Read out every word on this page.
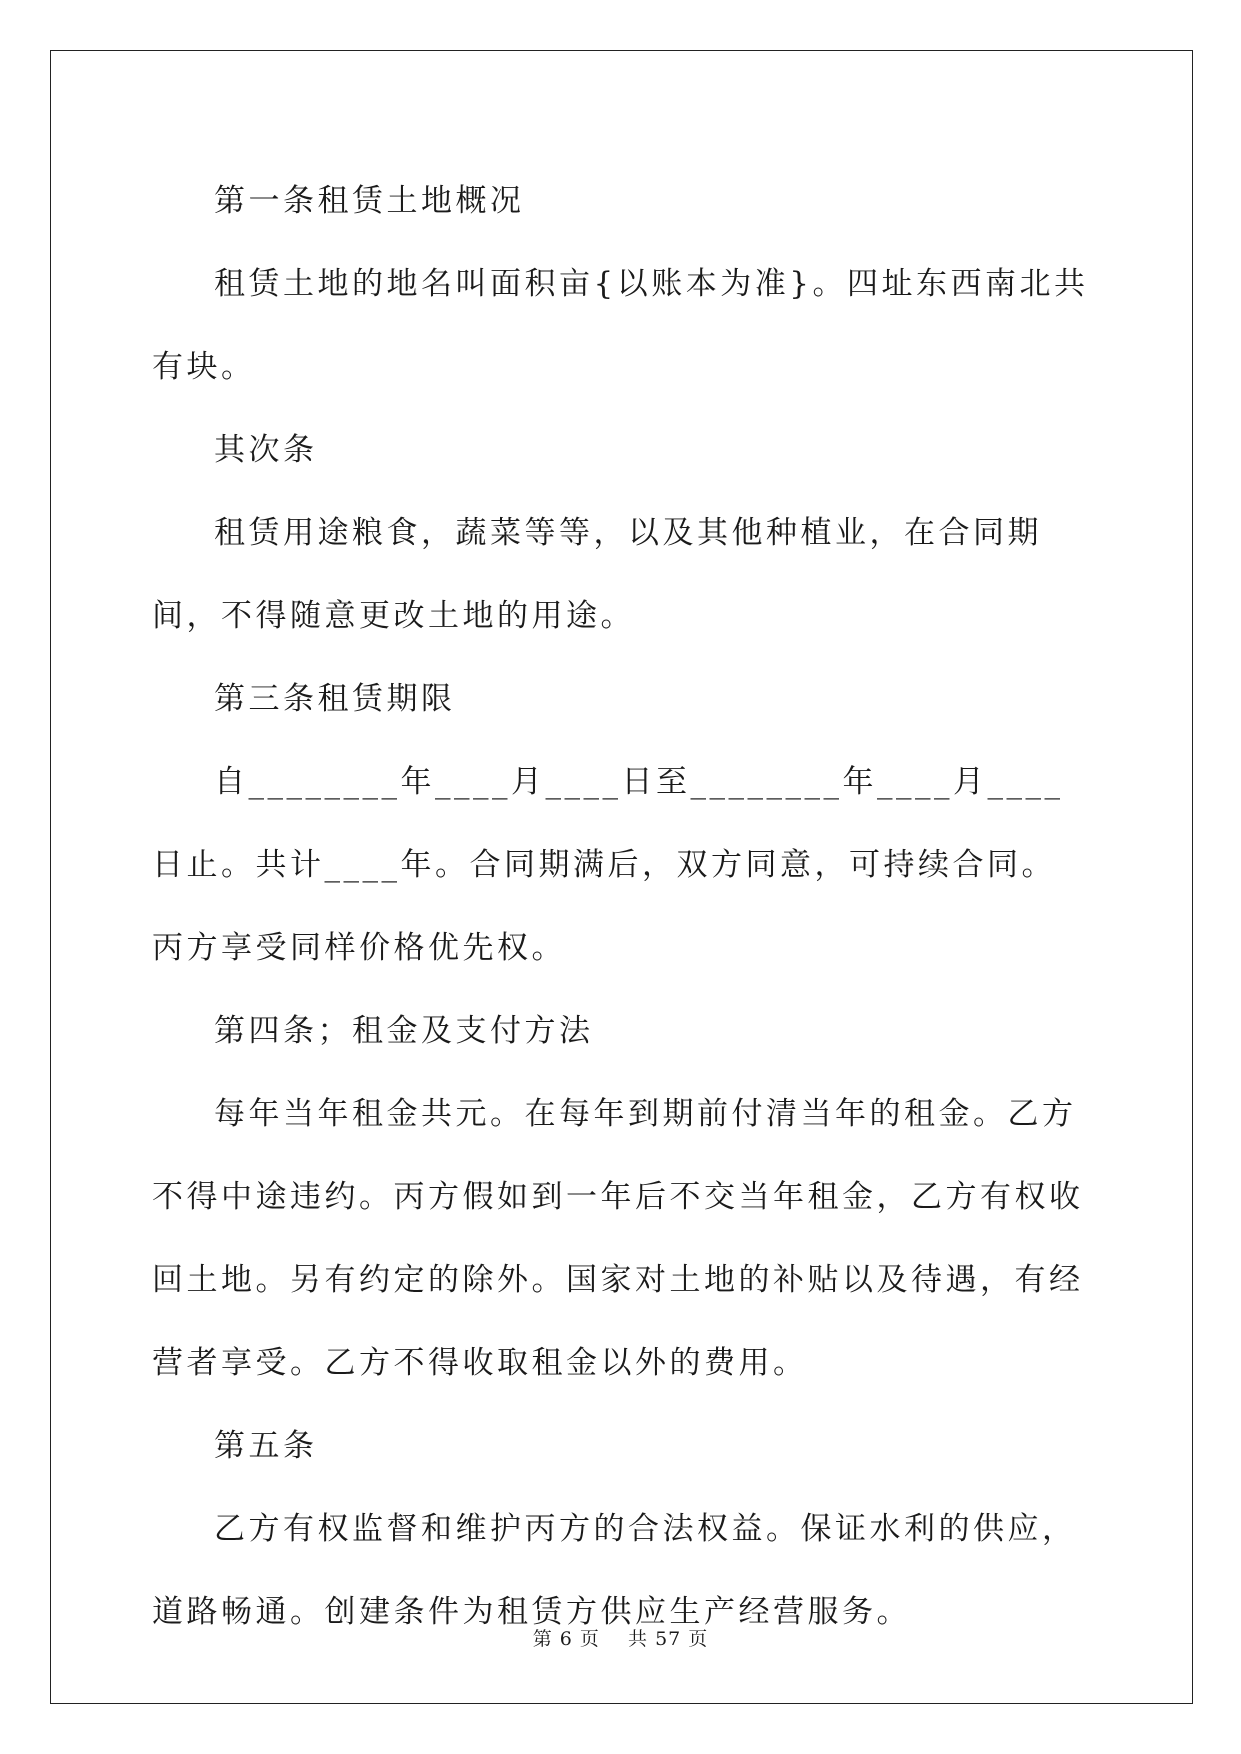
第一条租赁土地概况

租赁土地的地名叫面积亩{以账本为准}。四址东西南北共有块。

其次条

租赁用途粮食，蔬菜等等，以及其他种植业，在合同期间，不得随意更改土地的用途。

第三条租赁期限

自________年____月____日至________年____月____日止。共计____年。合同期满后，双方同意，可持续合同。丙方享受同样价格优先权。

第四条；租金及支付方法

每年当年租金共元。在每年到期前付清当年的租金。乙方不得中途违约。丙方假如到一年后不交当年租金，乙方有权收回土地。另有约定的除外。国家对土地的补贴以及待遇，有经营者享受。乙方不得收取租金以外的费用。

第五条

乙方有权监督和维护丙方的合法权益。保证水利的供应，道路畅通。创建条件为租赁方供应生产经营服务。

第 6 页 共 57 页
